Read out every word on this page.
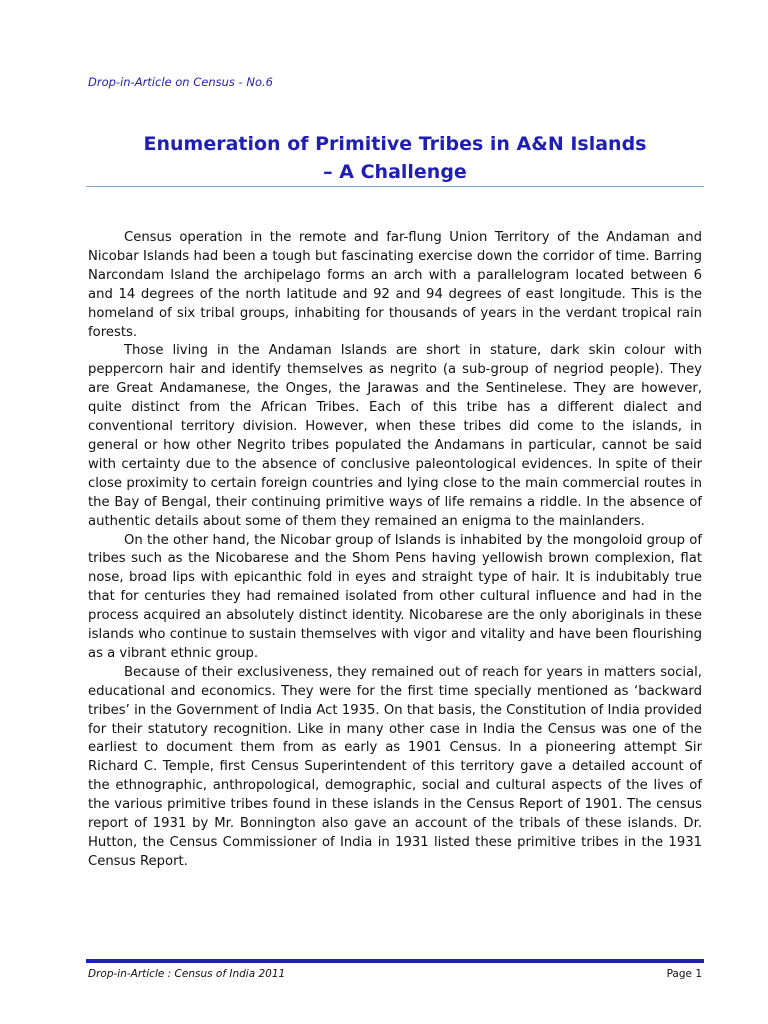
Drop-in-Article on Census - No.6
Enumeration of Primitive Tribes in A&N Islands
– A Challenge

Census operation in the remote and far-flung Union Territory of the Andaman and Nicobar Islands had been a tough but fascinating exercise down the corridor of time. Barring Narcondam Island the archipelago forms an arch with a parallelogram located between 6 and 14 degrees of the north latitude and 92 and 94 degrees of east longitude. This is the homeland of six tribal groups, inhabiting for thousands of years in the verdant tropical rain forests.

Those living in the Andaman Islands are short in stature, dark skin colour with peppercorn hair and identify themselves as negrito (a sub-group of negriod people). They are Great Andamanese, the Onges, the Jarawas and the Sentinelese. They are however, quite distinct from the African Tribes. Each of this tribe has a different dialect and conventional territory division. However, when these tribes did come to the islands, in general or how other Negrito tribes populated the Andamans in particular, cannot be said with certainty due to the absence of conclusive paleontological evidences. In spite of their close proximity to certain foreign countries and lying close to the main commercial routes in the Bay of Bengal, their continuing primitive ways of life remains a riddle. In the absence of authentic details about some of them they remained an enigma to the mainlanders.

On the other hand, the Nicobar group of Islands is inhabited by the mongoloid group of tribes such as the Nicobarese and the Shom Pens having yellowish brown complexion, flat nose, broad lips with epicanthic fold in eyes and straight type of hair. It is indubitably true that for centuries they had remained isolated from other cultural influence and had in the process acquired an absolutely distinct identity. Nicobarese are the only aboriginals in these islands who continue to sustain themselves with vigor and vitality and have been flourishing as a vibrant ethnic group.

Because of their exclusiveness, they remained out of reach for years in matters social, educational and economics. They were for the first time specially mentioned as ‘backward tribes’ in the Government of India Act 1935. On that basis, the Constitution of India provided for their statutory recognition. Like in many other case in India the Census was one of the earliest to document them from as early as 1901 Census. In a pioneering attempt Sir Richard C. Temple, first Census Superintendent of this territory gave a detailed account of the ethnographic, anthropological, demographic, social and cultural aspects of the lives of the various primitive tribes found in these islands in the Census Report of 1901. The census report of 1931 by Mr. Bonnington also gave an account of the tribals of these islands. Dr. Hutton, the Census Commissioner of India in 1931 listed these primitive tribes in the 1931 Census Report.

Drop-in-Article : Census of India 2011	Page 1
